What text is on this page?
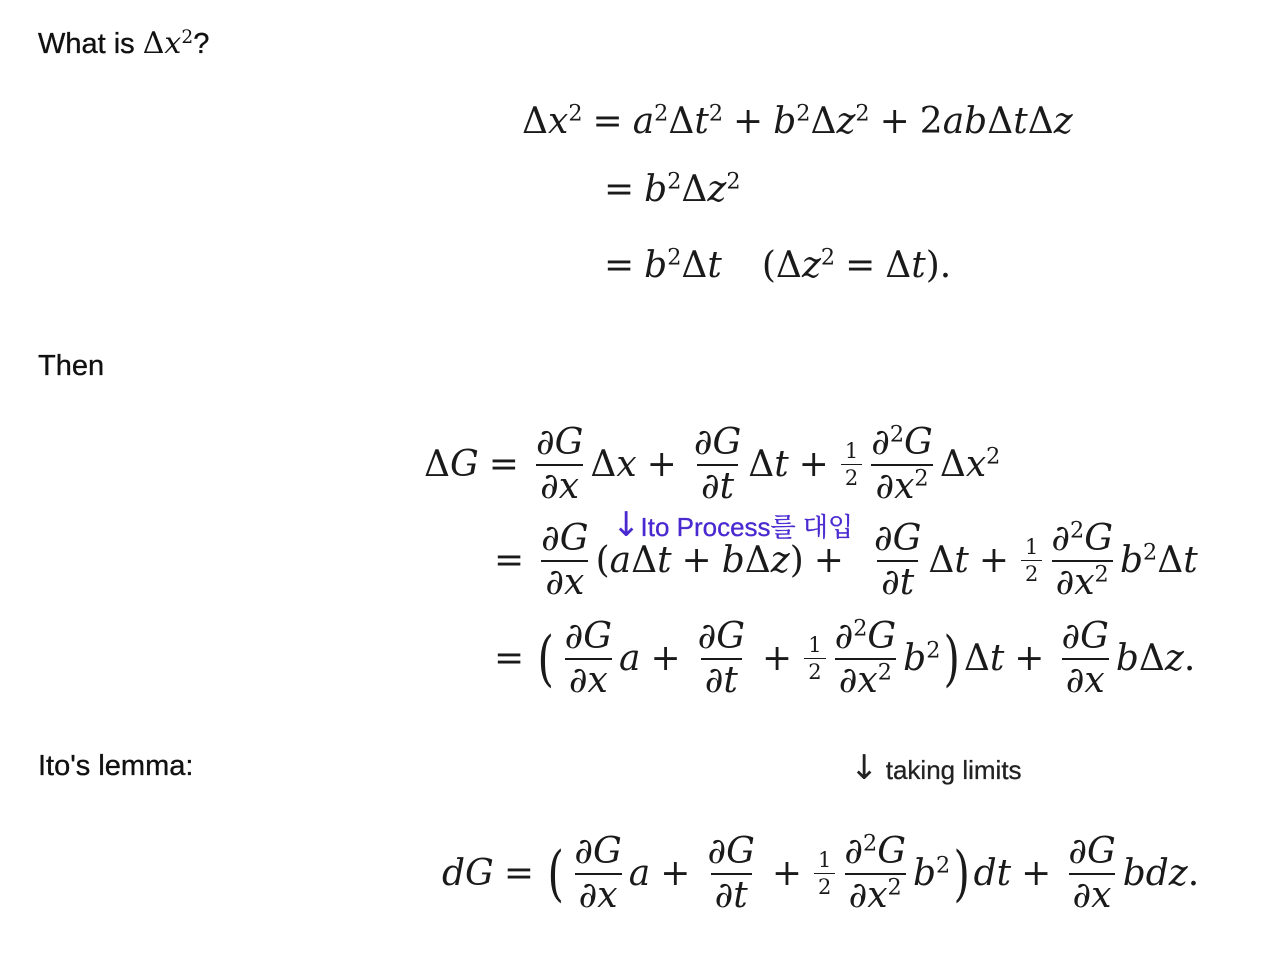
What is $\Delta x^2$?
$\Delta x^2 = a^2\Delta t^2 + b^2\Delta z^2 + 2ab\Delta t\Delta z$
= $b^2\Delta z^2$
= $b^2\Delta t$ $(\Delta z^2 = \Delta t)$.
Then
$\Delta G = \frac{\partial G}{\partial x}$ $\Delta x + \frac{\partial G}{\partial t}$ $\Delta t + \frac{1}{2} \frac{\partial^2G}{\partial x^2} \Delta x^2$
↓Ito Process를 대입
= $\frac{\partial G}{\partial x} (a\Delta t + b\Delta z) + \frac{\partial G}{\partial t}$ $\Delta t + \frac{1}{2} \frac{\partial^2G}{\partial x^2} b^2\Delta t$
= ( $\frac{\partial G}{\partial x}$ $a + \frac{\partial G}{\partial t} + \frac{1}{2} \frac{\partial^2G}{\partial x^2} b^2$ ) $\Delta t + \frac{\partial G}{\partial x} b\Delta z$.
Ito's lemma:	↓ taking limits
dG = ( $\frac{\partial G}{\partial x}$ $a + \frac{\partial G}{\partial t} + \frac{1}{2} \frac{\partial^2G}{\partial x^2} b^2$ ) dt + $\frac{\partial G}{\partial x}$ bdz.
